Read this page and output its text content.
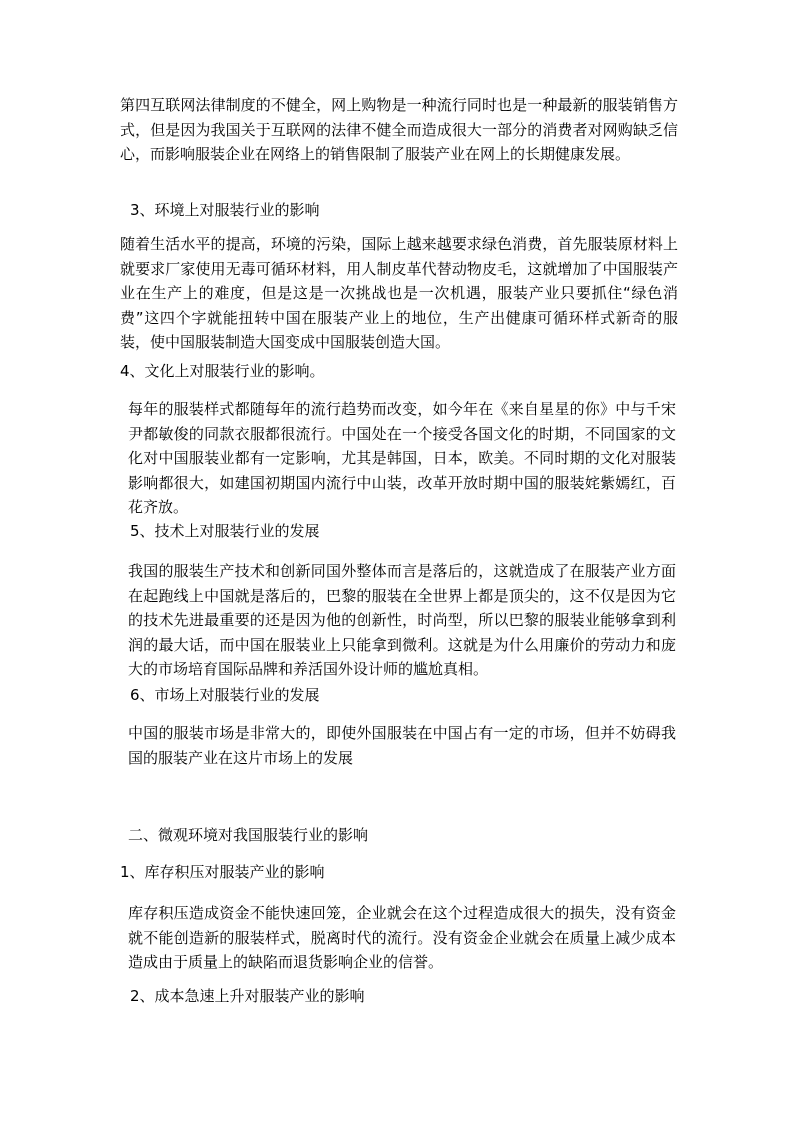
第四互联网法律制度的不健全，网上购物是一种流行同时也是一种最新的服装销售方式，但是因为我国关于互联网的法律不健全而造成很大一部分的消费者对网购缺乏信心，而影响服装企业在网络上的销售限制了服装产业在网上的长期健康发展。

3、环境上对服装行业的影响

随着生活水平的提高，环境的污染，国际上越来越要求绿色消费，首先服装原材料上就要求厂家使用无毒可循环材料，用人制皮革代替动物皮毛，这就增加了中国服装产业在生产上的难度，但是这是一次挑战也是一次机遇，服装产业只要抓住“绿色消费”这四个字就能扭转中国在服装产业上的地位，生产出健康可循环样式新奇的服装，使中国服装制造大国变成中国服装创造大国。

4、文化上对服装行业的影响。

每年的服装样式都随每年的流行趋势而改变，如今年在《来自星星的你》中与千宋尹都敏俊的同款衣服都很流行。中国处在一个接受各国文化的时期，不同国家的文化对中国服装业都有一定影响，尤其是韩国，日本，欧美。不同时期的文化对服装影响都很大，如建国初期国内流行中山装，改革开放时期中国的服装姹紫嫣红，百花齐放。

5、技术上对服装行业的发展

我国的服装生产技术和创新同国外整体而言是落后的，这就造成了在服装产业方面在起跑线上中国就是落后的，巴黎的服装在全世界上都是顶尖的，这不仅是因为它的技术先进最重要的还是因为他的创新性，时尚型，所以巴黎的服装业能够拿到利润的最大话，而中国在服装业上只能拿到微利。这就是为什么用廉价的劳动力和庞大的市场培育国际品牌和养活国外设计师的尴尬真相。

6、市场上对服装行业的发展

中国的服装市场是非常大的，即使外国服装在中国占有一定的市场，但并不妨碍我国的服装产业在这片市场上的发展

二、微观环境对我国服装行业的影响

1、库存积压对服装产业的影响

库存积压造成资金不能快速回笼，企业就会在这个过程造成很大的损失，没有资金就不能创造新的服装样式，脱离时代的流行。没有资金企业就会在质量上减少成本造成由于质量上的缺陷而退货影响企业的信誉。

2、成本急速上升对服装产业的影响
